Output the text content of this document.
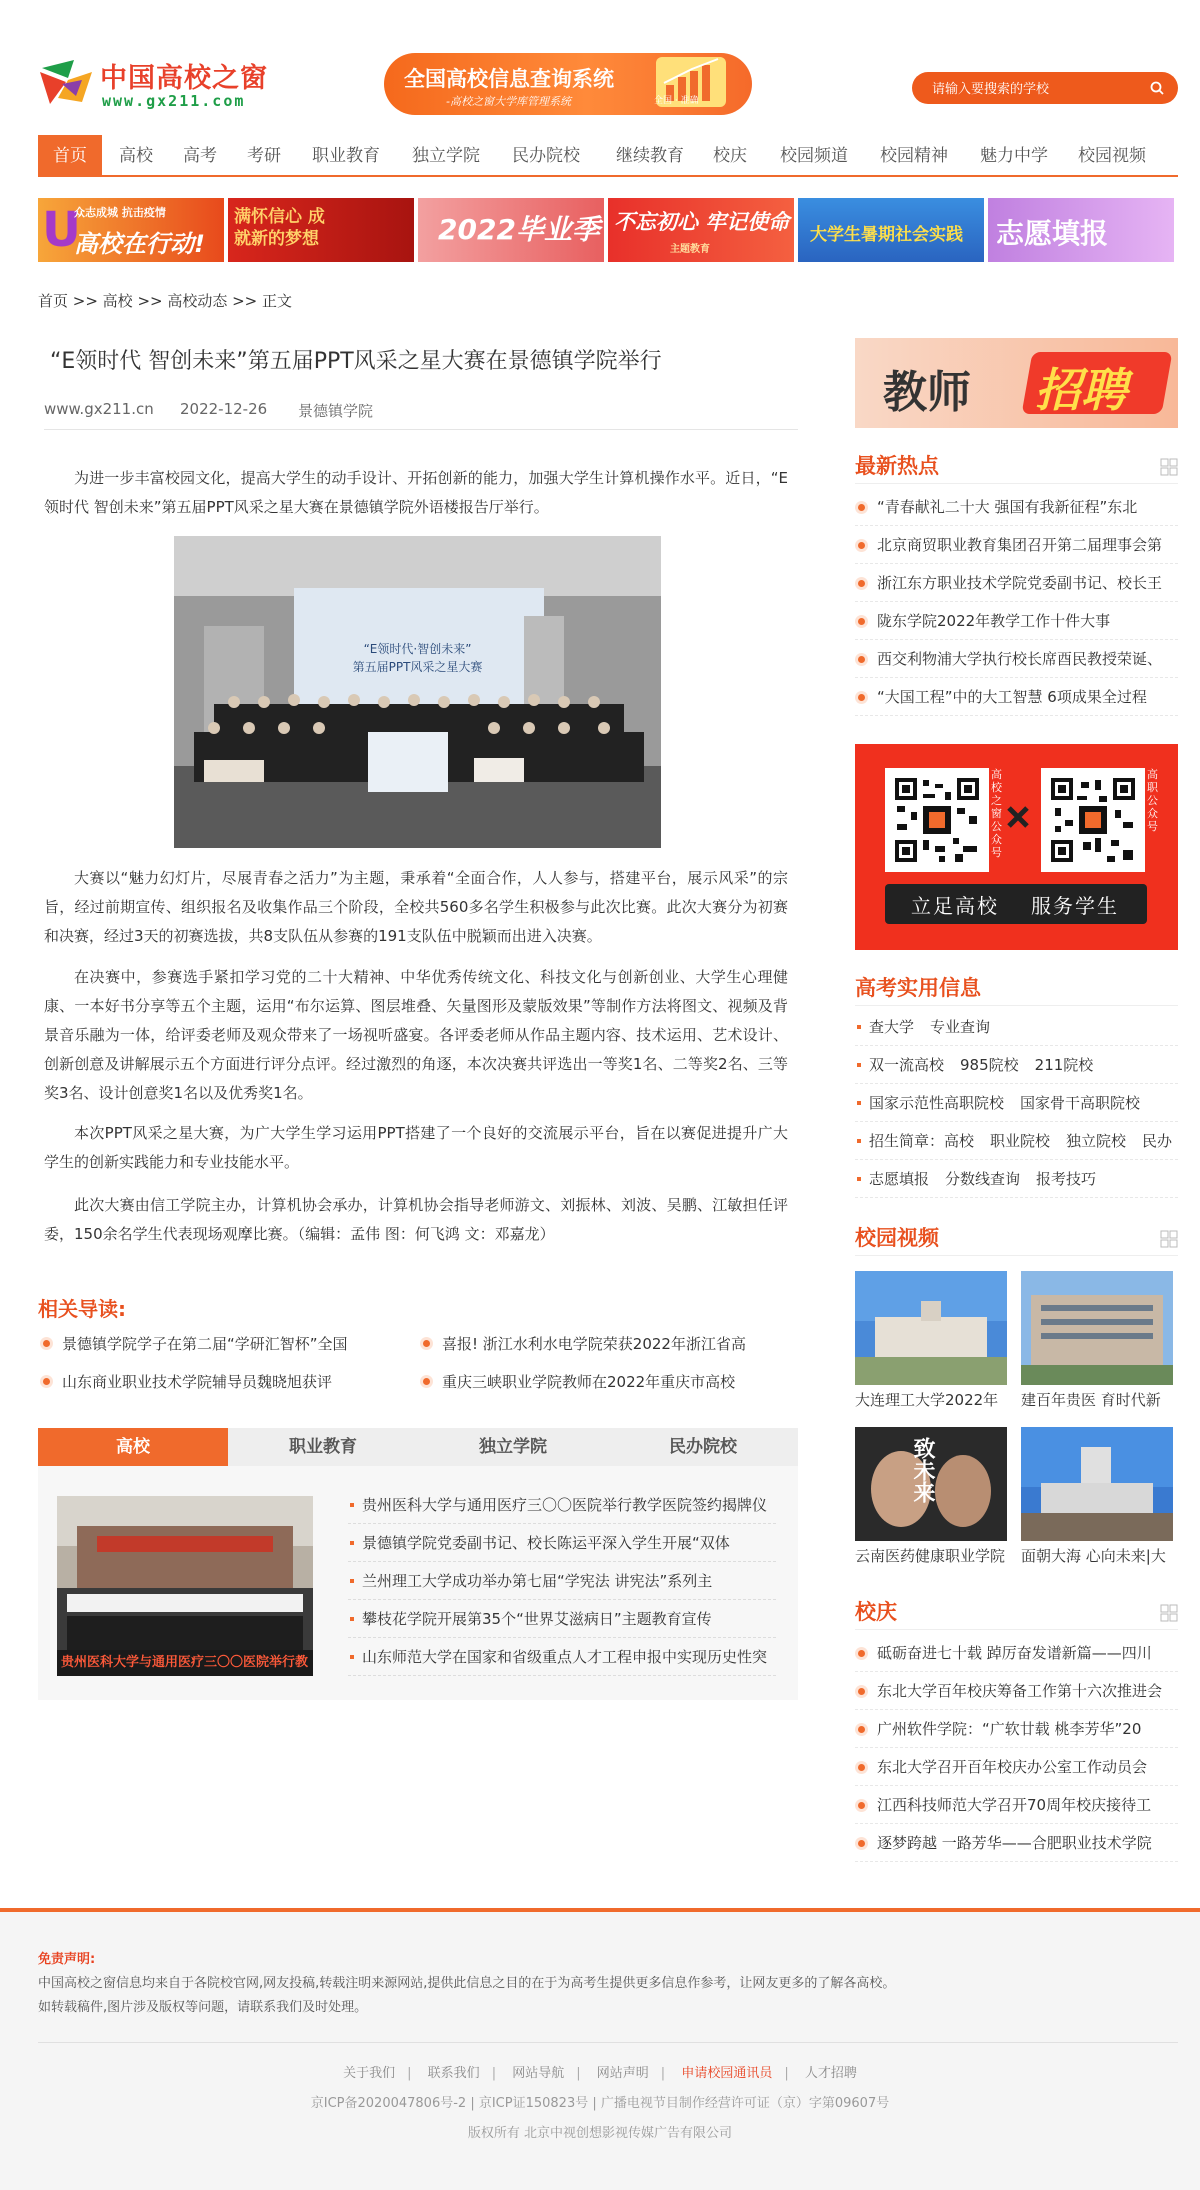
中国高校之窗
www.gx211.com
全国高校信息查询系统
-高校之窗大学库管理系统	全国 · 准确
请输入要搜索的学校
首页	高校 高考 考研 职业教育 独立学院 民办院校 继续教育 校庆 校园频道 校园精神 魅力中学 校园视频
U
众志成城 抗击疫情
高校在行动!
满怀信心 成就新的梦想	2022毕业季 不忘初心 牢记使命
主题教育
大学生暑期社会实践 志愿填报
首页 >> 高校 >> 高校动态 >> 正文
“E领时代 智创未来”第五届PPT风采之星大赛在景德镇学院举行
www.gx211.cn 2022-12-26 景德镇学院

为进一步丰富校园文化，提高大学生的动手设计、开拓创新的能力，加强大学生计算机操作水平。近日，“E领时代 智创未来”第五届PPT风采之星大赛在景德镇学院外语楼报告厅举行。

“E领时代·智创未来”
第五届PPT风采之星大赛

大赛以“魅力幻灯片，尽展青春之活力”为主题，秉承着“全面合作，人人参与，搭建平台，展示风采”的宗旨，经过前期宣传、组织报名及收集作品三个阶段，全校共560多名学生积极参与此次比赛。此次大赛分为初赛和决赛，经过3天的初赛选拔，共8支队伍从参赛的191支队伍中脱颖而出进入决赛。

在决赛中，参赛选手紧扣学习党的二十大精神、中华优秀传统文化、科技文化与创新创业、大学生心理健康、一本好书分享等五个主题，运用“布尔运算、图层堆叠、矢量图形及蒙版效果”等制作方法将图文、视频及背景音乐融为一体，给评委老师及观众带来了一场视听盛宴。各评委老师从作品主题内容、技术运用、艺术设计、创新创意及讲解展示五个方面进行评分点评。经过激烈的角逐，本次决赛共评选出一等奖1名、二等奖2名、三等奖3名、设计创意奖1名以及优秀奖1名。

本次PPT风采之星大赛，为广大学生学习运用PPT搭建了一个良好的交流展示平台，旨在以赛促进提升广大学生的创新实践能力和专业技能水平。

此次大赛由信工学院主办，计算机协会承办，计算机协会指导老师游文、刘振林、刘波、吴鹏、江敏担任评委，150余名学生代表现场观摩比赛。（编辑：孟伟 图：何飞鸿 文：邓嘉龙）

相关导读:
景德镇学院学子在第二届“学研汇智杯”全国	喜报! 浙江水利水电学院荣获2022年浙江省高
山东商业职业技术学院辅导员魏晓旭获评	重庆三峡职业学院教师在2022年重庆市高校
高校	职业教育	独立学院	民办院校
贵州医科大学与通用医疗三〇〇医院举行教
贵州医科大学与通用医疗三〇〇医院举行教学医院签约揭牌仪
景德镇学院党委副书记、校长陈运平深入学生开展“双体
兰州理工大学成功举办第七届“学宪法 讲宪法”系列主
攀枝花学院开展第35个“世界艾滋病日”主题教育宣传
山东师范大学在国家和省级重点人才工程申报中实现历史性突
教师 招聘
最新热点
“青春献礼二十大 强国有我新征程”东北
北京商贸职业教育集团召开第二届理事会第
浙江东方职业技术学院党委副书记、校长王
陇东学院2022年教学工作十件大事
西交利物浦大学执行校长席酉民教授荣诞、
“大国工程”中的大工智慧 6项成果全过程
高校之窗公众号
高职公众号
立足高校 服务学生
高考实用信息
查大学 专业查询
双一流高校 985院校 211院校
国家示范性高职院校 国家骨干高职院校
招生简章：高校 职业院校 独立院校 民办
志愿填报 分数线查询 报考技巧
校园视频
大连理工大学2022年	建百年贵医 育时代新
致未来
云南医药健康职业学院 面朝大海 心向未来|大
校庆
砥砺奋进七十载 踔厉奋发谱新篇——四川
东北大学百年校庆筹备工作第十六次推进会
广州软件学院：“广软廿载 桃李芳华”20
东北大学召开百年校庆办公室工作动员会
江西科技师范大学召开70周年校庆接待工
逐梦跨越 一路芳华——合肥职业技术学院
免责声明:
中国高校之窗信息均来自于各院校官网,网友投稿,转载注明来源网站,提供此信息之目的在于为高考生提供更多信息作参考，让网友更多的了解各高校。
如转载稿件,图片涉及版权等问题，请联系我们及时处理。
关于我们 | 联系我们 | 网站导航 | 网站声明 | 申请校园通讯员 | 人才招聘
京ICP备2020047806号-2 | 京ICP证150823号 | 广播电视节目制作经营许可证（京）字第09607号
版权所有 北京中视创想影视传媒广告有限公司
